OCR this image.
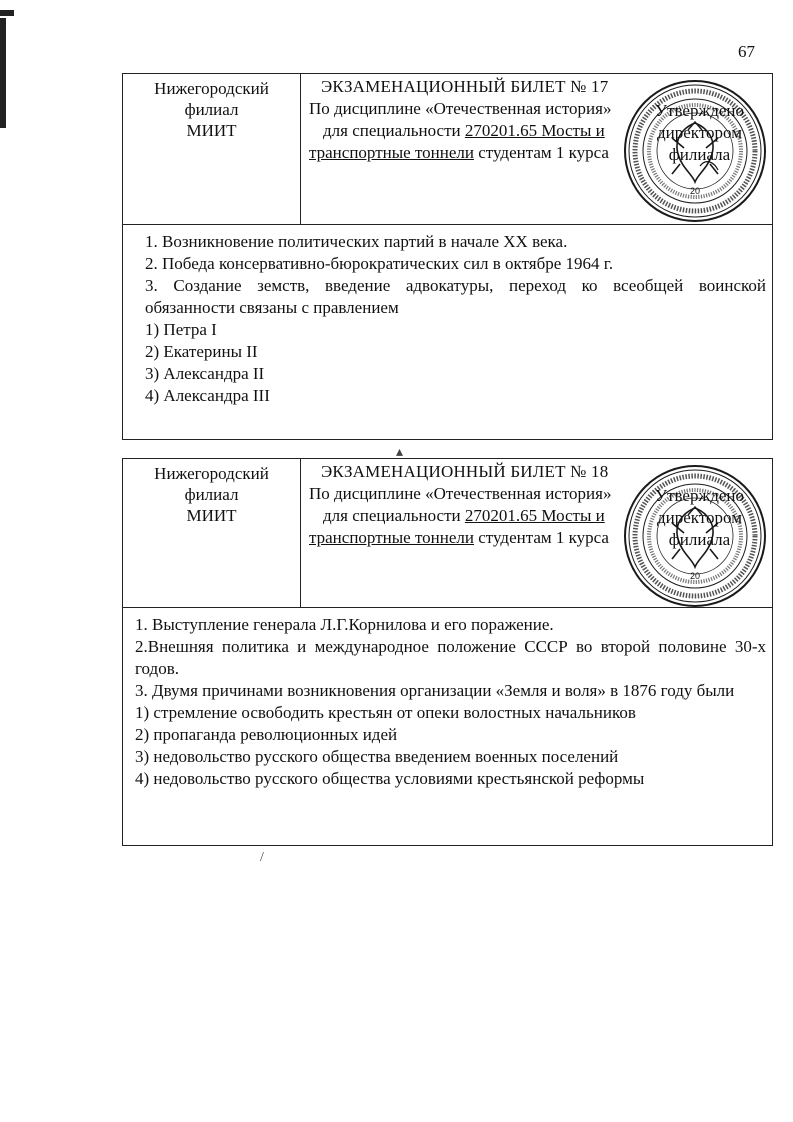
67
Нижегородский
филиал
МИИТ
ЭКЗАМЕНАЦИОННЫЙ БИЛЕТ № 17
По дисциплине «Отечественная история»
для специальности 270201.65 Мосты и
транспортные тоннели студентам 1 курса
20
Утверждено
директором
филиала

1. Возникновение политических партий в начале XX века.

2. Победа консервативно-бюрократических сил в октябре 1964 г.

3. Создание земств, введение адвокатуры, переход ко всеобщей воинской обязанности связаны с правлением

1) Петра I

2) Екатерины II

3) Александра II

4) Александра III

▴
Нижегородский
филиал
МИИТ
ЭКЗАМЕНАЦИОННЫЙ БИЛЕТ № 18
По дисциплине «Отечественная история»
для специальности 270201.65 Мосты и
транспортные тоннели студентам 1 курса
20
Утверждено
директором
филиала

1. Выступление генерала Л.Г.Корнилова и его поражение.

2.Внешняя политика и международное положение СССР во второй половине 30-х годов.

3. Двумя причинами возникновения организации «Земля и воля» в 1876 году были

1) стремление освободить крестьян от опеки волостных начальников

2) пропаганда революционных идей

3) недовольство русского общества введением военных поселений

4) недовольство русского общества условиями крестьянской реформы

/
